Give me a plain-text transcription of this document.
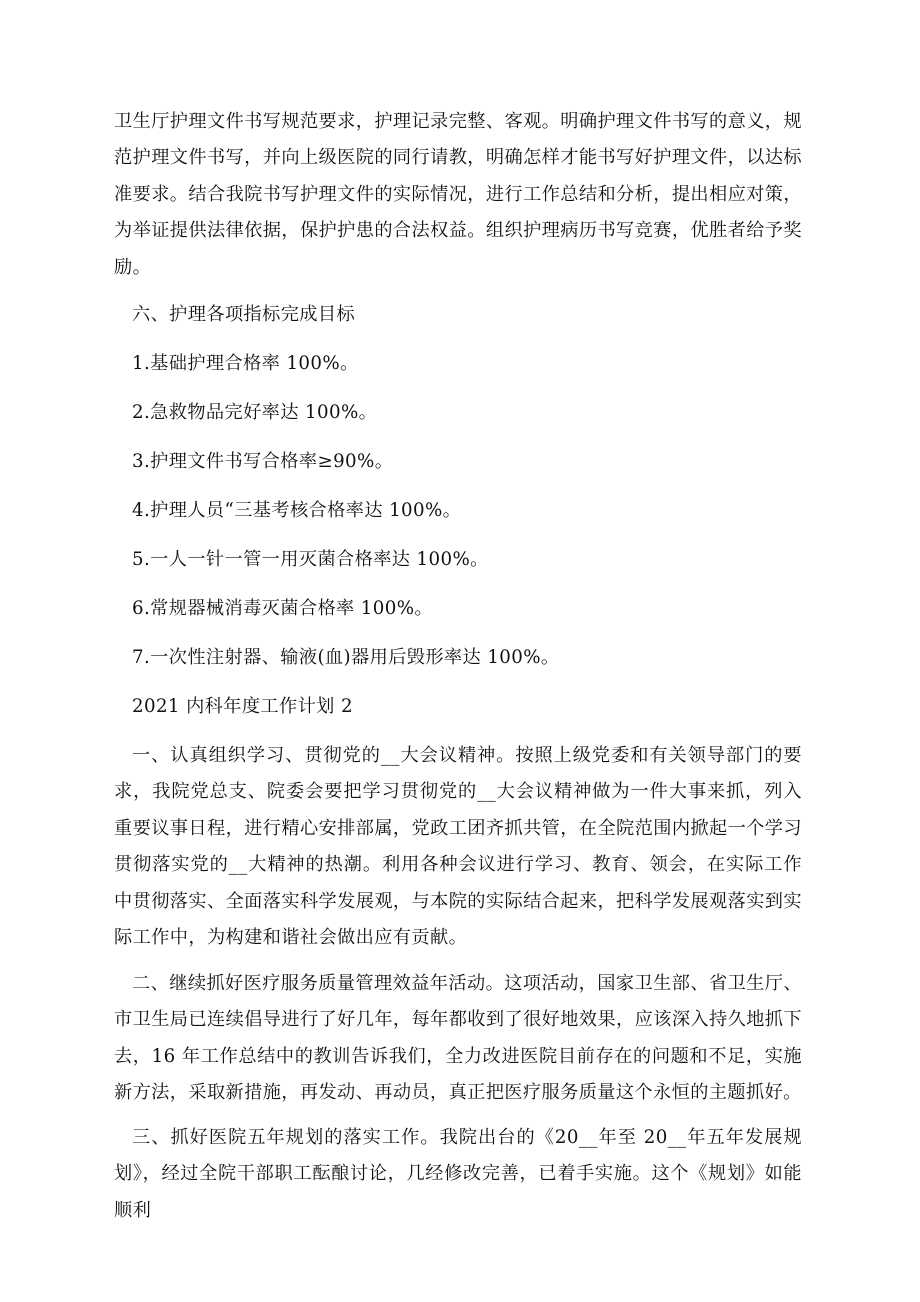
卫生厅护理文件书写规范要求，护理记录完整、客观。明确护理文件书写的意义，规范护理文件书写，并向上级医院的同行请教，明确怎样才能书写好护理文件，以达标准要求。结合我院书写护理文件的实际情况，进行工作总结和分析，提出相应对策，为举证提供法律依据，保护护患的合法权益。组织护理病历书写竞赛，优胜者给予奖励。

六、护理各项指标完成目标

1.基础护理合格率 100%。

2.急救物品完好率达 100%。

3.护理文件书写合格率≥90%。

4.护理人员“三基考核合格率达 100%。

5.一人一针一管一用灭菌合格率达 100%。

6.常规器械消毒灭菌合格率 100%。

7.一次性注射器、输液(血)器用后毁形率达 100%。

2021 内科年度工作计划 2

一、认真组织学习、贯彻党的__大会议精神。按照上级党委和有关领导部门的要求，我院党总支、院委会要把学习贯彻党的__大会议精神做为一件大事来抓，列入重要议事日程，进行精心安排部属，党政工团齐抓共管，在全院范围内掀起一个学习贯彻落实党的__大精神的热潮。利用各种会议进行学习、教育、领会，在实际工作中贯彻落实、全面落实科学发展观，与本院的实际结合起来，把科学发展观落实到实际工作中，为构建和谐社会做出应有贡献。

二、继续抓好医疗服务质量管理效益年活动。这项活动，国家卫生部、省卫生厅、市卫生局已连续倡导进行了好几年，每年都收到了很好地效果，应该深入持久地抓下去，16 年工作总结中的教训告诉我们，全力改进医院目前存在的问题和不足，实施新方法，采取新措施，再发动、再动员，真正把医疗服务质量这个永恒的主题抓好。

三、抓好医院五年规划的落实工作。我院出台的《20__年至 20__年五年发展规划》，经过全院干部职工酝酿讨论，几经修改完善，已着手实施。这个《规划》如能顺利
